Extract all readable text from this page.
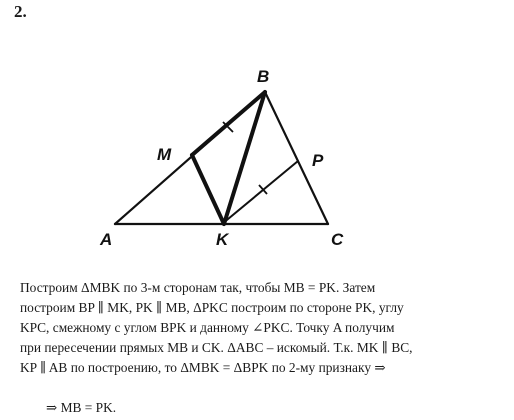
2.
B
M	P
A	K	C

Построим ΔMBK по 3-м сторонам так, чтобы MB = PK. Затем
построим BP ∥ MK, PK ∥ MB, ΔPKC построим по стороне PK, углу
KPC, смежному с углом BPK и данному ∠PKC. Точку A получим
при пересечении прямых MB и CK. ΔABC – искомый. Т.к. MK ∥ BC,
KP ∥ AB по построению, то ΔMBK = ΔBPK по 2-му признаку ⇒

⇒ MB = PK.
